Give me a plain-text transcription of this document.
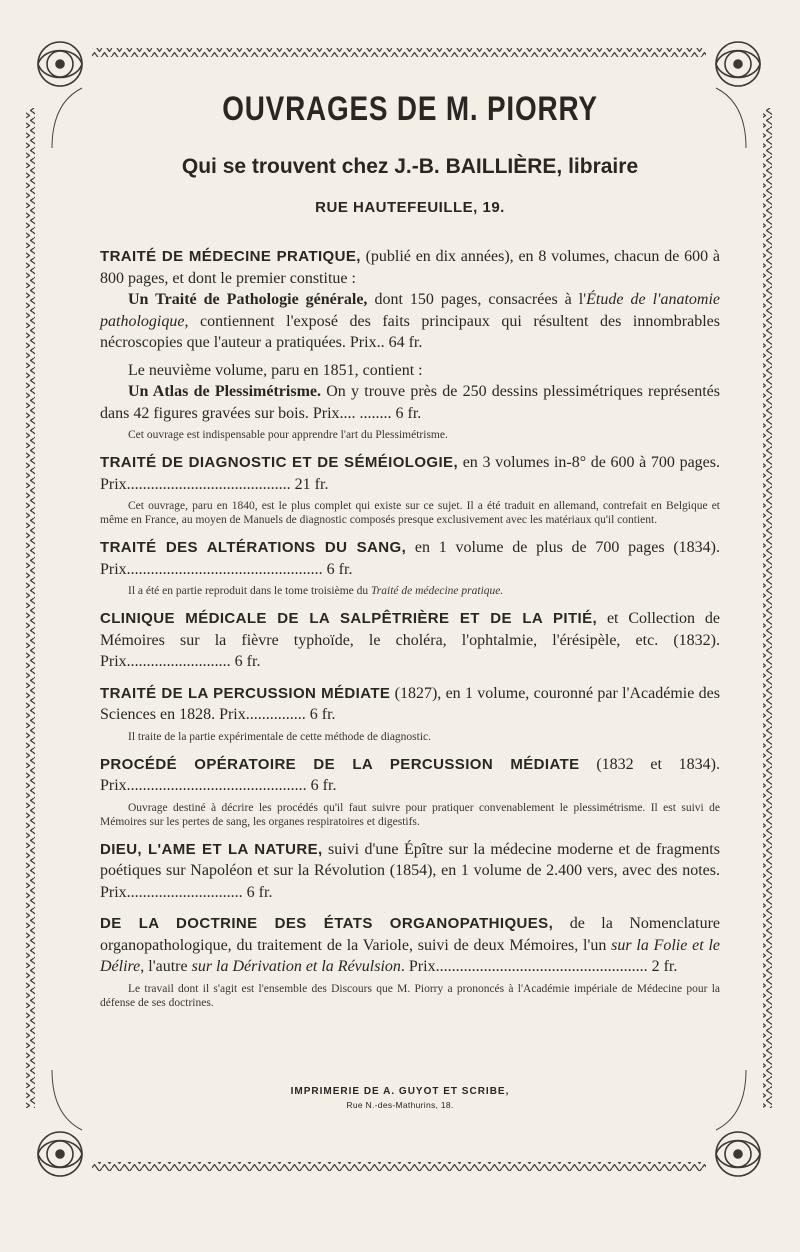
OUVRAGES DE M. PIORRY
Qui se trouvent chez J.-B. BAILLIÈRE, libraire
RUE HAUTEFEUILLE, 19.

TRAITÉ DE MÉDECINE PRATIQUE, (publié en dix années), en 8 volumes, chacun de 600 à 800 pages, et dont le premier constitue :

Un Traité de Pathologie générale, dont 150 pages, consacrées à l'Étude de l'anatomie pathologique, contiennent l'exposé des faits principaux qui résultent des innombrables nécroscopies que l'auteur a pratiquées. Prix.. 64 fr.

Le neuvième volume, paru en 1851, contient :

Un Atlas de Plessimétrisme. On y trouve près de 250 dessins plessimétriques représentés dans 42 figures gravées sur bois. Prix.... ........ 6 fr.

Cet ouvrage est indispensable pour apprendre l'art du Plessimétrisme.

TRAITÉ DE DIAGNOSTIC ET DE SÉMÉIOLOGIE, en 3 volumes in-8° de 600 à 700 pages. Prix......................................... 21 fr.

Cet ouvrage, paru en 1840, est le plus complet qui existe sur ce sujet. Il a été traduit en allemand, contrefait en Belgique et même en France, au moyen de Manuels de diagnostic composés presque exclusivement avec les matériaux qu'il contient.

TRAITÉ DES ALTÉRATIONS DU SANG, en 1 volume de plus de 700 pages (1834). Prix................................................. 6 fr.

Il a été en partie reproduit dans le tome troisième du Traité de médecine pratique.

CLINIQUE MÉDICALE DE LA SALPÊTRIÈRE ET DE LA PITIÉ, et Collection de Mémoires sur la fièvre typhoïde, le choléra, l'ophtalmie, l'érésipèle, etc. (1832). Prix.......................... 6 fr.

TRAITÉ DE LA PERCUSSION MÉDIATE (1827), en 1 volume, couronné par l'Académie des Sciences en 1828. Prix............... 6 fr.

Il traite de la partie expérimentale de cette méthode de diagnostic.

PROCÉDÉ OPÉRATOIRE DE LA PERCUSSION MÉDIATE (1832 et 1834). Prix............................................. 6 fr.

Ouvrage destiné à décrire les procédés qu'il faut suivre pour pratiquer convenablement le plessimétrisme. Il est suivi de Mémoires sur les pertes de sang, les organes respiratoires et digestifs.

DIEU, L'AME ET LA NATURE, suivi d'une Épître sur la médecine moderne et de fragments poétiques sur Napoléon et sur la Révolution (1854), en 1 volume de 2.400 vers, avec des notes. Prix............................. 6 fr.

DE LA DOCTRINE DES ÉTATS ORGANOPATHIQUES, de la Nomenclature organopathologique, du traitement de la Variole, suivi de deux Mémoires, l'un sur la Folie et le Délire, l'autre sur la Dérivation et la Révulsion. Prix..................................................... 2 fr.

Le travail dont il s'agit est l'ensemble des Discours que M. Piorry a prononcés à l'Académie impériale de Médecine pour la défense de ses doctrines.

IMPRIMERIE DE A. GUYOT ET SCRIBE,
Rue N.-des-Mathurins, 18.
